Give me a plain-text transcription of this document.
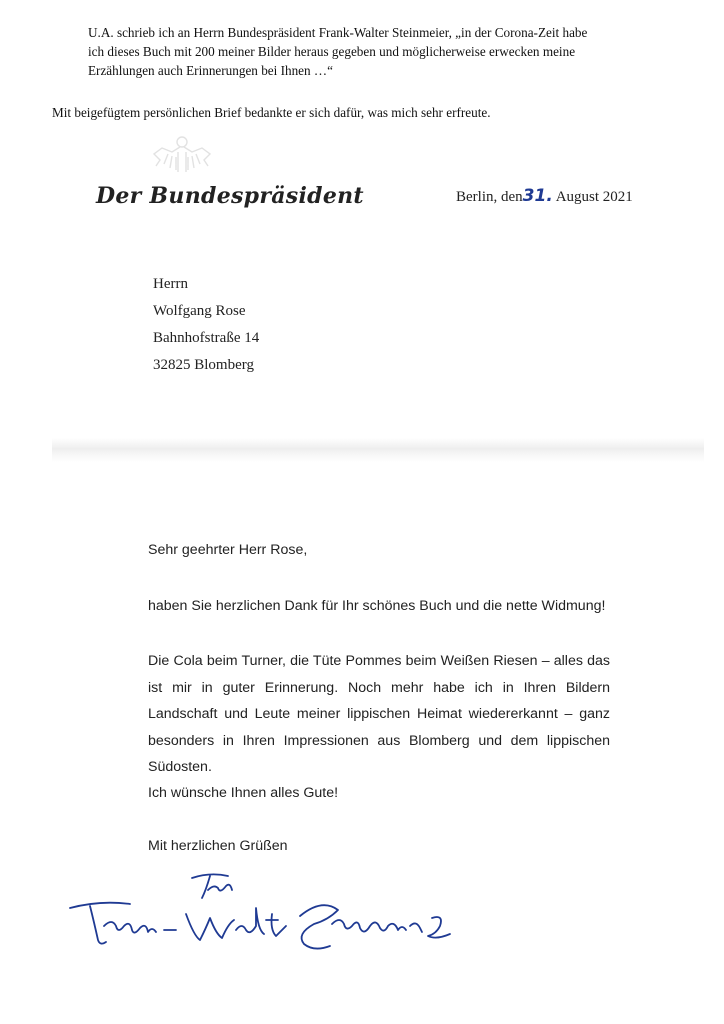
U.A. schrieb ich an Herrn Bundespräsident Frank-Walter Steinmeier, „in der Corona-Zeit habe
ich dieses Buch mit 200 meiner Bilder heraus gegeben und möglicherweise erwecken meine
Erzählungen auch Erinnerungen bei Ihnen …“
Mit beigefügtem persönlichen Brief bedankte er sich dafür, was mich sehr erfreute.
Der Bundespräsident	Berlin, den31. August 2021
Herrn
Wolfgang Rose
Bahnhofstraße 14
32825 Blomberg
Sehr geehrter Herr Rose,
haben Sie herzlichen Dank für Ihr schönes Buch und die nette Widmung!
Die Cola beim Turner, die Tüte Pommes beim Weißen Riesen – alles das ist mir in guter Erinnerung. Noch mehr habe ich in Ihren Bildern Landschaft und Leute meiner lippischen Heimat wiedererkannt – ganz besonders in Ihren Impressionen aus Blomberg und dem lippischen Südosten.
Ich wünsche Ihnen alles Gute!
Mit herzlichen Grüßen
